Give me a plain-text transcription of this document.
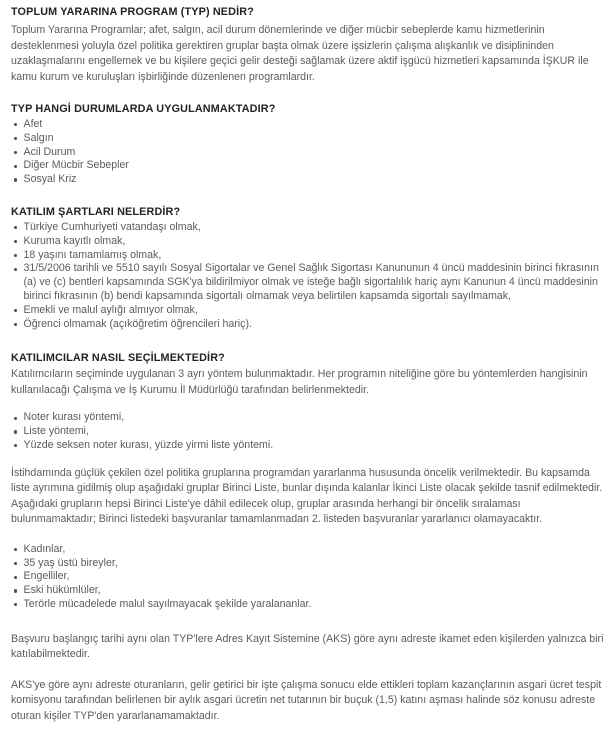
TOPLUM YARARINA PROGRAM (TYP) NEDİR?

Toplum Yararına Programlar; afet, salgın, acil durum dönemlerinde ve diğer mücbir sebeplerde kamu hizmetlerinin desteklenmesi yoluyla özel politika gerektiren gruplar başta olmak üzere işsizlerin çalışma alışkanlık ve disiplininden uzaklaşmalarını engellemek ve bu kişilere geçici gelir desteği sağlamak üzere aktif işgücü hizmetleri kapsamında İŞKUR ile kamu kurum ve kuruluşları işbirliğinde düzenlenen programlardır.

TYP HANGİ DURUMLARDA UYGULANMAKTADIR?
Afet
Salgın
Acil Durum
Diğer Mücbir Sebepler
Sosyal Kriz
KATILIM ŞARTLARI NELERDİR?
Türkiye Cumhuriyeti vatandaşı olmak,
Kuruma kayıtlı olmak,
18 yaşını tamamlamış olmak,
31/5/2006 tarihli ve 5510 sayılı Sosyal Sigortalar ve Genel Sağlık Sigortası Kanununun 4 üncü maddesinin birinci fıkrasının (a) ve (c) bentleri kapsamında SGK'ya bildirilmiyor olmak ve isteğe bağlı sigortalılık hariç aynı Kanunun 4 üncü maddesinin birinci fıkrasının (b) bendi kapsamında sigortalı olmamak veya belirtilen kapsamda sigortalı sayılmamak,
Emekli ve malul aylığı almıyor olmak,
Öğrenci olmamak (açıköğretim öğrencileri hariç).
KATILIMCILAR NASIL SEÇİLMEKTEDİR?

Katılımcıların seçiminde uygulanan 3 ayrı yöntem bulunmaktadır. Her programın niteliğine göre bu yöntemlerden hangisinin kullanılacağı Çalışma ve İş Kurumu İl Müdürlüğü tarafından belirlenmektedir.

Noter kurası yöntemi,
Liste yöntemi,
Yüzde seksen noter kurası, yüzde yirmi liste yöntemi.

İstihdamında güçlük çekilen özel politika gruplarına programdan yararlanma hususunda öncelik verilmektedir. Bu kapsamda liste ayrımına gidilmiş olup aşağıdaki gruplar Birinci Liste, bunlar dışında kalanlar İkinci Liste olacak şekilde tasnif edilmektedir. Aşağıdaki grupların hepsi Birinci Liste'ye dâhil edilecek olup, gruplar arasında herhangi bir öncelik sıralaması bulunmamaktadır; Birinci listedeki başvuranlar tamamlanmadan 2. listeden başvuranlar yararlanıcı olamayacaktır.

Kadınlar,
35 yaş üstü bireyler,
Engelliler,
Eski hükümlüler,
Terörle mücadelede malul sayılmayacak şekilde yaralananlar.

Başvuru başlangıç tarihi aynı olan TYP'lere Adres Kayıt Sistemine (AKS) göre aynı adreste ikamet eden kişilerden yalnızca biri katılabilmektedir.

AKS'ye göre aynı adreste oturanların, gelir getirici bir işte çalışma sonucu elde ettikleri toplam kazançlarının asgari ücret tespit komisyonu tarafından belirlenen bir aylık asgari ücretin net tutarının bir buçuk (1,5) katını aşması halinde söz konusu adreste oturan kişiler TYP'den yararlanamamaktadır.
